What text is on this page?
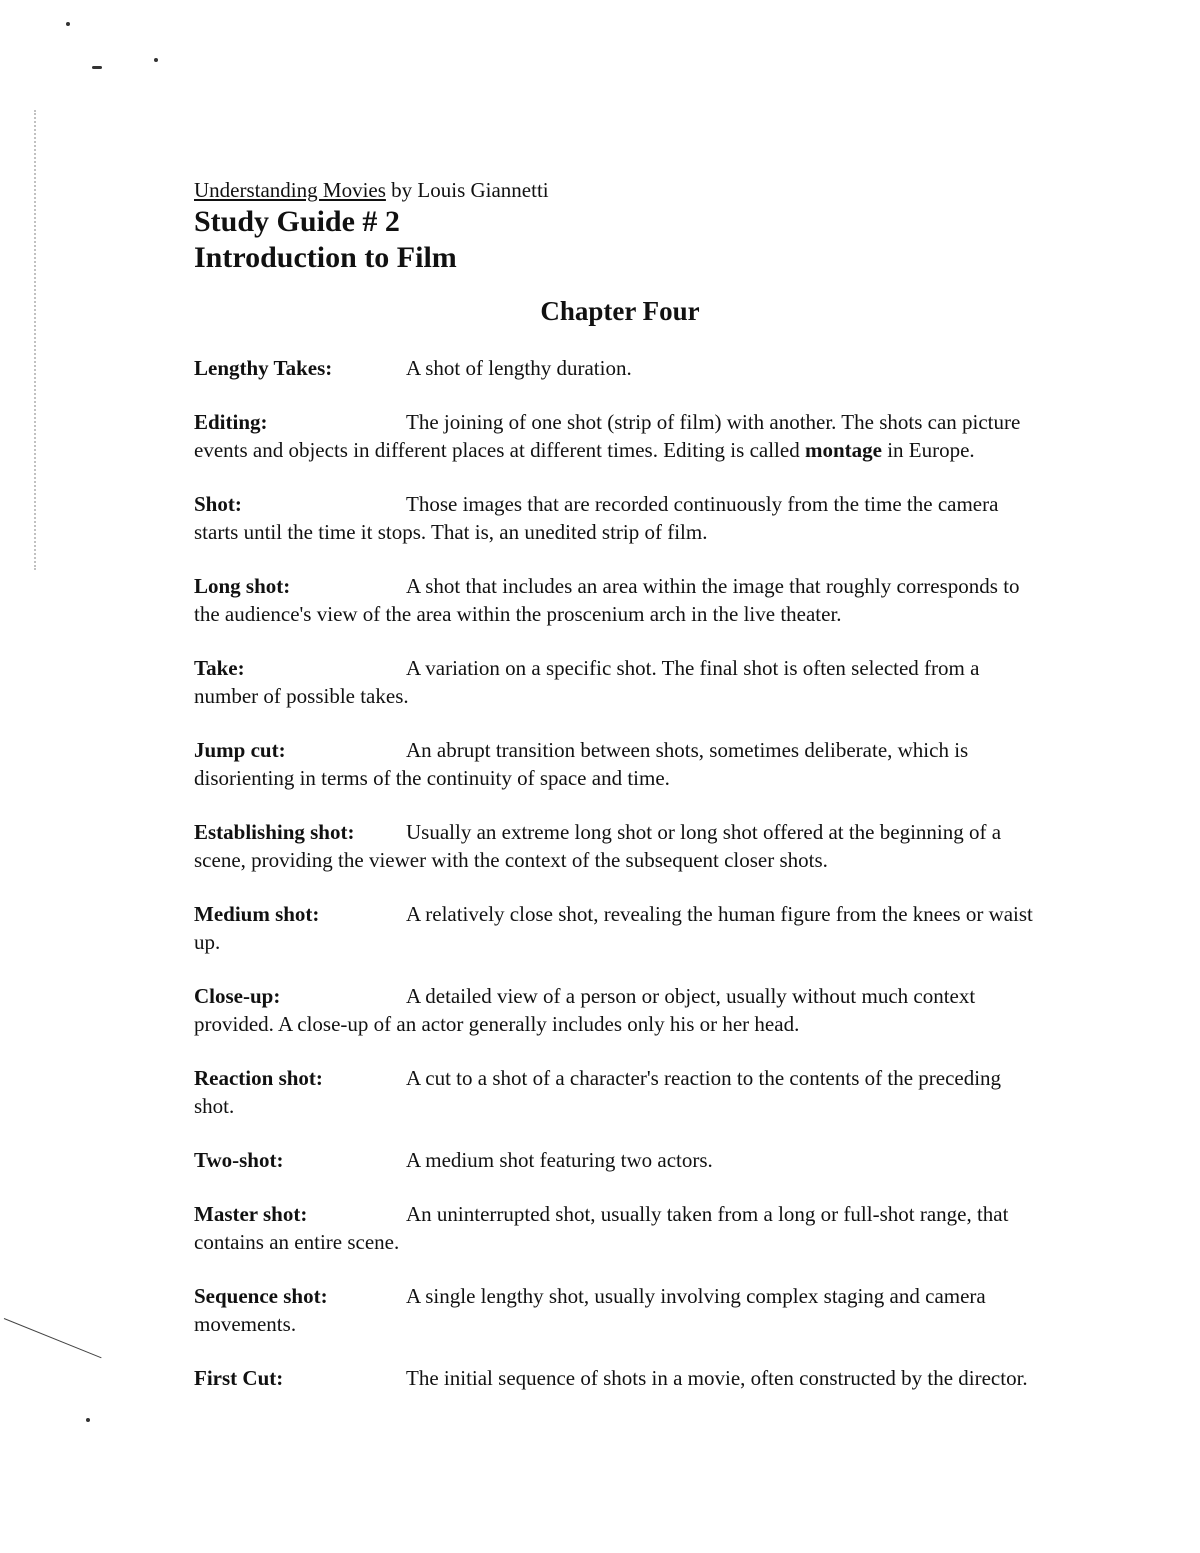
Understanding Movies by Louis Giannetti
Study Guide # 2
Introduction to Film
Chapter Four
Lengthy Takes:	A shot of lengthy duration.
Editing:	The joining of one shot (strip of film) with another. The shots can picture events and objects in different places at different times. Editing is called montage in Europe.
Shot:	Those images that are recorded continuously from the time the camera starts until the time it stops. That is, an unedited strip of film.
Long shot:	A shot that includes an area within the image that roughly corresponds to the audience's view of the area within the proscenium arch in the live theater.
Take:	A variation on a specific shot. The final shot is often selected from a number of possible takes.
Jump cut:	An abrupt transition between shots, sometimes deliberate, which is disorienting in terms of the continuity of space and time.
Establishing shot: Usually an extreme long shot or long shot offered at the beginning of a scene, providing the viewer with the context of the subsequent closer shots.
Medium shot:	A relatively close shot, revealing the human figure from the knees or waist up.
Close-up:	A detailed view of a person or object, usually without much context provided. A close-up of an actor generally includes only his or her head.
Reaction shot:	A cut to a shot of a character's reaction to the contents of the preceding shot.
Two-shot:	A medium shot featuring two actors.
Master shot:	An uninterrupted shot, usually taken from a long or full-shot range, that contains an entire scene.
Sequence shot:	A single lengthy shot, usually involving complex staging and camera movements.
First Cut:	The initial sequence of shots in a movie, often constructed by the director.
